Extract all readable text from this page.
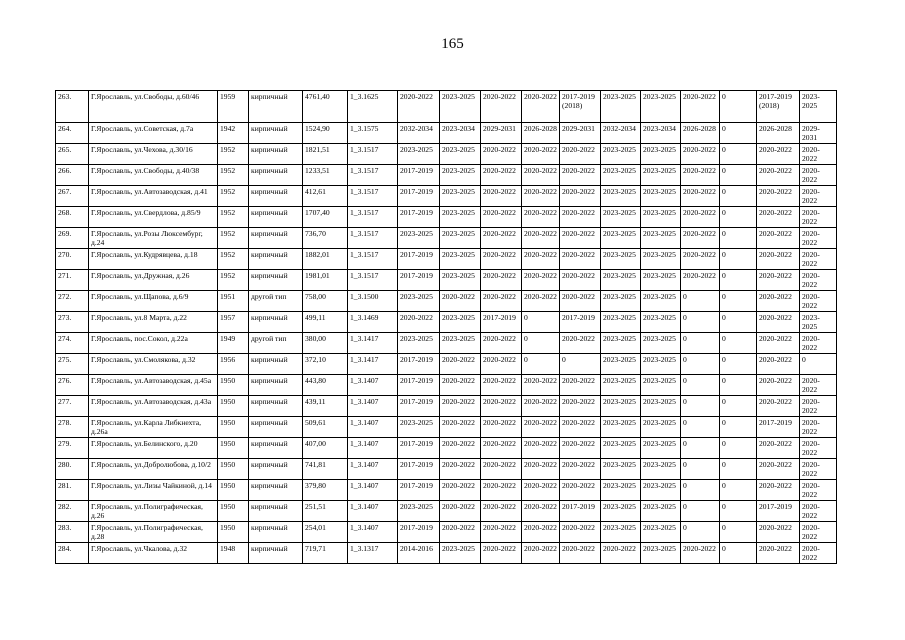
165
263.	Г.Ярославль, ул.Свободы, д.60/46	1959	кирпичный	4761,40	1_3.1625	2020-2022	2023-2025	2020-2022	2020-2022	2017-2019 (2018)	2023-2025	2023-2025	2020-2022	0	2017-2019 (2018)	2023-2025
264.	Г.Ярославль, ул.Советская, д.7а	1942	кирпичный	1524,90	1_3.1575	2032-2034	2023-2034	2029-2031	2026-2028	2029-2031	2032-2034	2023-2034	2026-2028	0	2026-2028	2029-2031
265.	Г.Ярославль, ул.Чехова, д.30/16	1952	кирпичный	1821,51	1_3.1517	2023-2025	2023-2025	2020-2022	2020-2022	2020-2022	2023-2025	2023-2025	2020-2022	0	2020-2022	2020-2022
266.	Г.Ярославль, ул.Свободы, д.40/38	1952	кирпичный	1233,51	1_3.1517	2017-2019	2023-2025	2020-2022	2020-2022	2020-2022	2023-2025	2023-2025	2020-2022	0	2020-2022	2020-2022
267.	Г.Ярославль, ул.Автозаводская, д.41	1952	кирпичный	412,61	1_3.1517	2017-2019	2023-2025	2020-2022	2020-2022	2020-2022	2023-2025	2023-2025	2020-2022	0	2020-2022	2020-2022
268.	Г.Ярославль, ул.Свердлова, д.85/9	1952	кирпичный	1707,40	1_3.1517	2017-2019	2023-2025	2020-2022	2020-2022	2020-2022	2023-2025	2023-2025	2020-2022	0	2020-2022	2020-2022
269.	Г.Ярославль, ул.Розы Люксембург, д.24	1952	кирпичный	736,70	1_3.1517	2023-2025	2023-2025	2020-2022	2020-2022	2020-2022	2023-2025	2023-2025	2020-2022	0	2020-2022	2020-2022
270.	Г.Ярославль, ул.Кудрявцева, д.18	1952	кирпичный	1882,01	1_3.1517	2017-2019	2023-2025	2020-2022	2020-2022	2020-2022	2023-2025	2023-2025	2020-2022	0	2020-2022	2020-2022
271.	Г.Ярославль, ул.Дружная, д.26	1952	кирпичный	1981,01	1_3.1517	2017-2019	2023-2025	2020-2022	2020-2022	2020-2022	2023-2025	2023-2025	2020-2022	0	2020-2022	2020-2022
272.	Г.Ярославль, ул.Щапова, д.6/9	1951	другой тип	758,00	1_3.1500	2023-2025	2020-2022	2020-2022	2020-2022	2020-2022	2023-2025	2023-2025	0	0	2020-2022	2020-2022
273.	Г.Ярославль, ул.8 Марта, д.22	1957	кирпичный	499,11	1_3.1469	2020-2022	2023-2025	2017-2019	0	2017-2019	2023-2025	2023-2025	0	0	2020-2022	2023-2025
274.	Г.Ярославль, пос.Сокол, д.22а	1949	другой тип	380,00	1_3.1417	2023-2025	2023-2025	2020-2022	0	2020-2022	2023-2025	2023-2025	0	0	2020-2022	2020-2022
275.	Г.Ярославль, ул.Смолякова, д.32	1956	кирпичный	372,10	1_3.1417	2017-2019	2020-2022	2020-2022	0	0	2023-2025	2023-2025	0	0	2020-2022	0
276.	Г.Ярославль, ул.Автозаводская, д.45а	1950	кирпичный	443,80	1_3.1407	2017-2019	2020-2022	2020-2022	2020-2022	2020-2022	2023-2025	2023-2025	0	0	2020-2022	2020-2022
277.	Г.Ярославль, ул.Автозаводская, д.43а	1950	кирпичный	439,11	1_3.1407	2017-2019	2020-2022	2020-2022	2020-2022	2020-2022	2023-2025	2023-2025	0	0	2020-2022	2020-2022
278.	Г.Ярославль, ул.Карла Либкнехта, д.26а	1950	кирпичный	509,61	1_3.1407	2023-2025	2020-2022	2020-2022	2020-2022	2020-2022	2023-2025	2023-2025	0	0	2017-2019	2020-2022
279.	Г.Ярославль, ул.Белинского, д.20	1950	кирпичный	407,00	1_3.1407	2017-2019	2020-2022	2020-2022	2020-2022	2020-2022	2023-2025	2023-2025	0	0	2020-2022	2020-2022
280.	Г.Ярославль, ул.Добролюбова, д.10/2	1950	кирпичный	741,81	1_3.1407	2017-2019	2020-2022	2020-2022	2020-2022	2020-2022	2023-2025	2023-2025	0	0	2020-2022	2020-2022
281.	Г.Ярославль, ул.Лизы Чайкиной, д.14	1950	кирпичный	379,80	1_3.1407	2017-2019	2020-2022	2020-2022	2020-2022	2020-2022	2023-2025	2023-2025	0	0	2020-2022	2020-2022
282.	Г.Ярославль, ул.Полиграфическая, д.26	1950	кирпичный	251,51	1_3.1407	2023-2025	2020-2022	2020-2022	2020-2022	2017-2019	2023-2025	2023-2025	0	0	2017-2019	2020-2022
283.	Г.Ярославль, ул.Полиграфическая, д.28	1950	кирпичный	254,01	1_3.1407	2017-2019	2020-2022	2020-2022	2020-2022	2020-2022	2023-2025	2023-2025	0	0	2020-2022	2020-2022
284.	Г.Ярославль, ул.Чкалова, д.32	1948	кирпичный	719,71	1_3.1317	2014-2016	2023-2025	2020-2022	2020-2022	2020-2022	2020-2022	2023-2025	2020-2022	0	2020-2022	2020-2022
